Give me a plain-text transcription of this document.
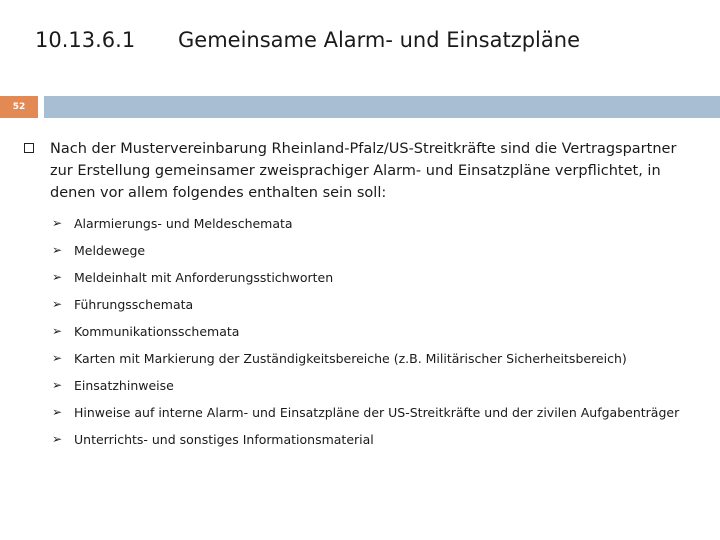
10.13.6.1 Gemeinsame Alarm- und Einsatzpläne
52
Nach der Mustervereinbarung Rheinland-Pfalz/US-Streitkräfte sind die Vertragspartner zur Erstellung gemeinsamer zweisprachiger Alarm- und Einsatzpläne verpflichtet, in denen vor allem folgendes enthalten sein soll:
➢ Alarmierungs- und Meldeschemata
➢ Meldewege
➢ Meldeinhalt mit Anforderungsstichworten
➢ Führungsschemata
➢ Kommunikationsschemata
➢ Karten mit Markierung der Zuständigkeitsbereiche (z.B. Militärischer Sicherheitsbereich)
➢ Einsatzhinweise
➢ Hinweise auf interne Alarm- und Einsatzpläne der US-Streitkräfte und der zivilen Aufgabenträger
➢ Unterrichts- und sonstiges Informationsmaterial
